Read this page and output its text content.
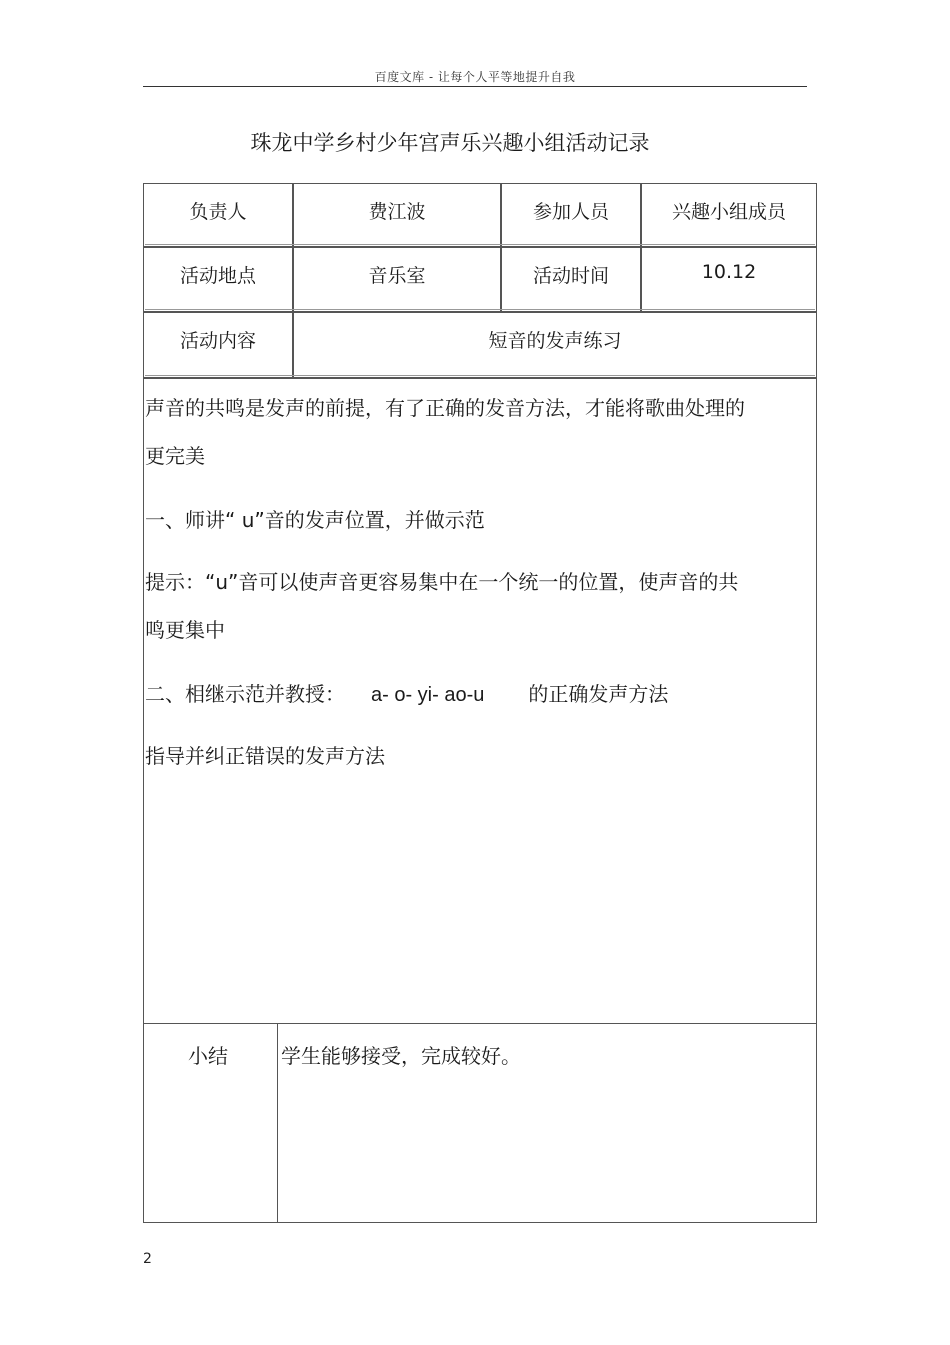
百度文库 - 让每个人平等地提升自我
珠龙中学乡村少年宫声乐兴趣小组活动记录
负责人	费江波	参加人员	兴趣小组成员
活动地点	音乐室	活动时间	10.12
活动内容	短音的发声练习
声音的共鸣是发声的前提，有了正确的发音方法，才能将歌曲处理的
更完美
一、师讲“ u”音的发声位置，并做示范
提示：“u”音可以使声音更容易集中在一个统一的位置，使声音的共
鸣更集中
二、相继示范并教授： a- o- yi- ao-u 的正确发声方法
指导并纠正错误的发声方法
小结	学生能够接受，完成较好。
2
